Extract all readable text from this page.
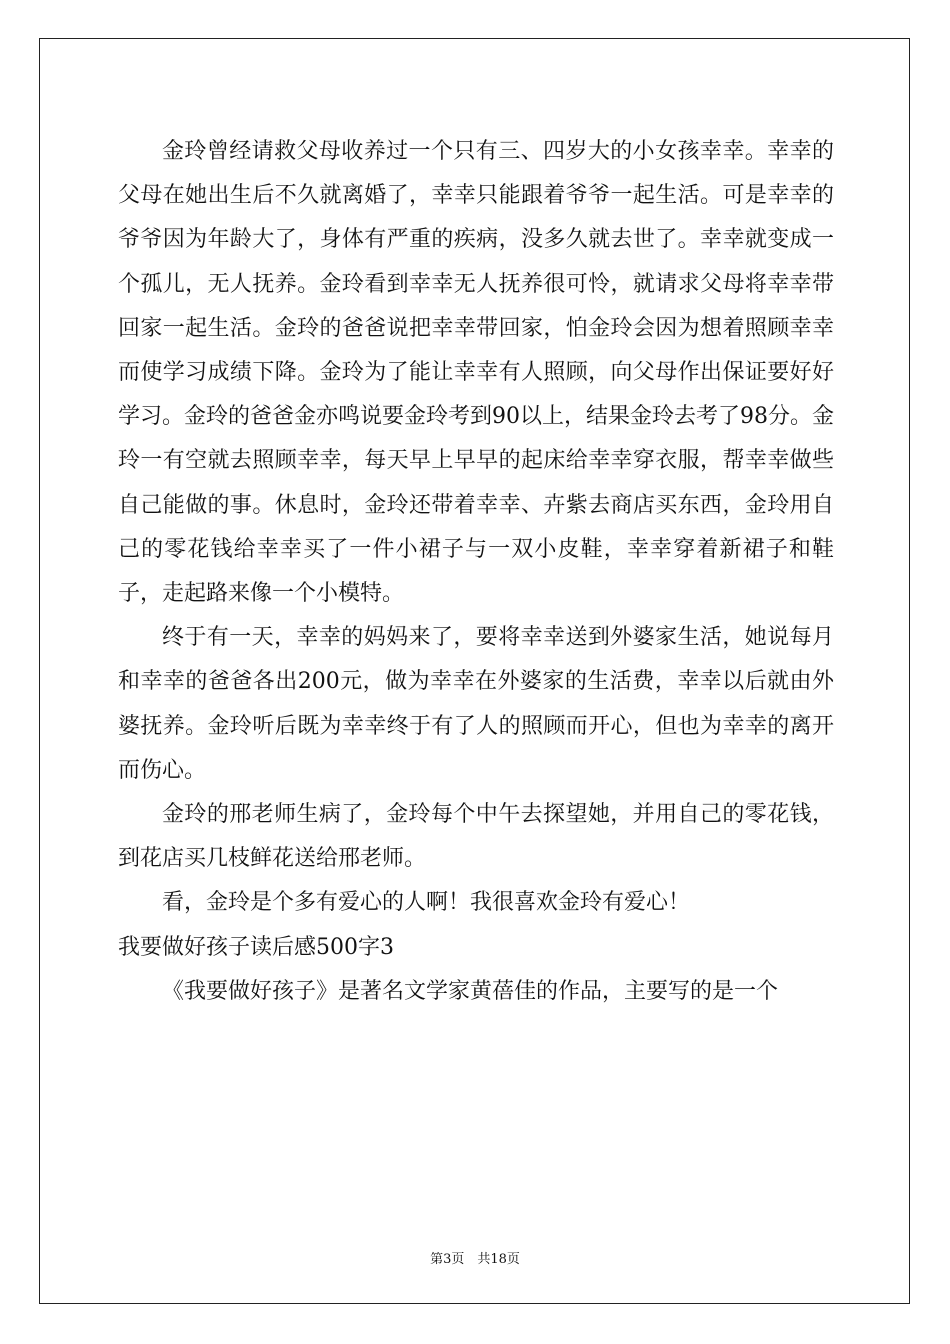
金玲曾经请救父母收养过一个只有三、四岁大的小女孩幸幸。幸幸的父母在她出生后不久就离婚了，幸幸只能跟着爷爷一起生活。可是幸幸的爷爷因为年龄大了，身体有严重的疾病，没多久就去世了。幸幸就变成一个孤儿，无人抚养。金玲看到幸幸无人抚养很可怜，就请求父母将幸幸带回家一起生活。金玲的爸爸说把幸幸带回家，怕金玲会因为想着照顾幸幸而使学习成绩下降。金玲为了能让幸幸有人照顾，向父母作出保证要好好学习。金玲的爸爸金亦鸣说要金玲考到90以上，结果金玲去考了98分。金玲一有空就去照顾幸幸，每天早上早早的起床给幸幸穿衣服，帮幸幸做些自己能做的事。休息时，金玲还带着幸幸、卉紫去商店买东西，金玲用自己的零花钱给幸幸买了一件小裙子与一双小皮鞋，幸幸穿着新裙子和鞋子，走起路来像一个小模特。

终于有一天，幸幸的妈妈来了，要将幸幸送到外婆家生活，她说每月和幸幸的爸爸各出200元，做为幸幸在外婆家的生活费，幸幸以后就由外婆抚养。金玲听后既为幸幸终于有了人的照顾而开心，但也为幸幸的离开而伤心。

金玲的邢老师生病了，金玲每个中午去探望她，并用自己的零花钱，到花店买几枝鲜花送给邢老师。

看，金玲是个多有爱心的人啊！我很喜欢金玲有爱心！

我要做好孩子读后感500字3

《我要做好孩子》是著名文学家黄蓓佳的作品，主要写的是一个

第3页　共18页
